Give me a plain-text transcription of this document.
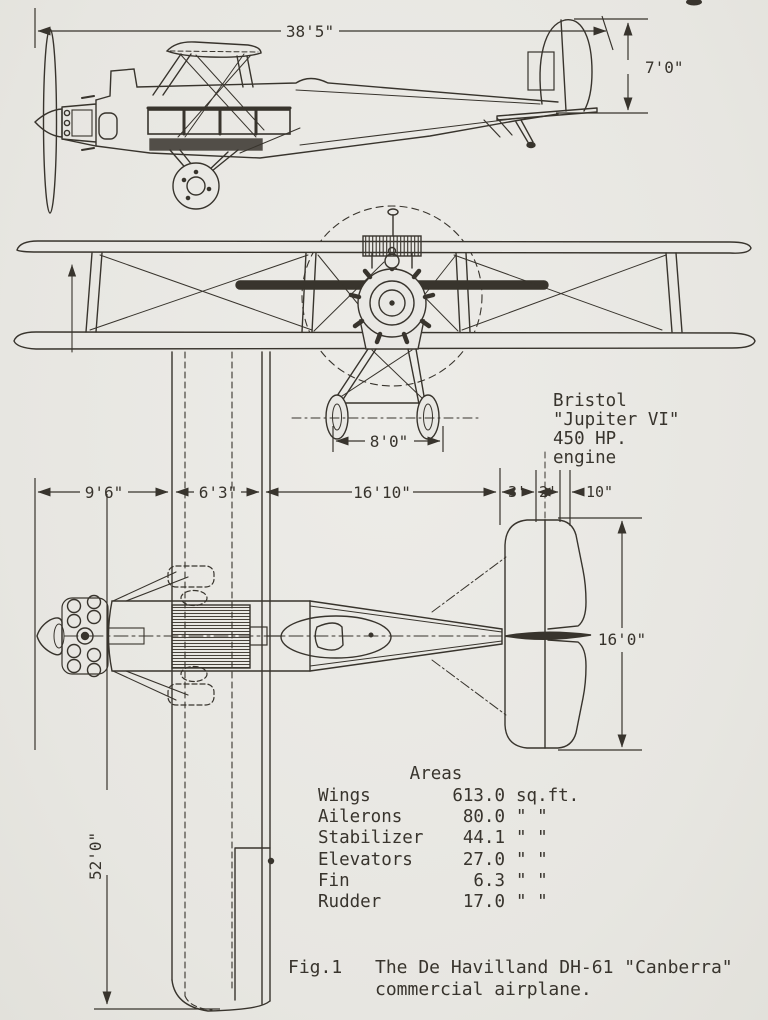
38'5"
7'0"
8'0"
Bristol
"Jupiter VI"
450 HP.
engine
9'6"	6'3"	16'10"	3' 2' 10"
16'0"
52'0"
Areas
Wings	613.0 sq.ft.
Ailerons	80.0 " "
Stabilizer 44.1 " "
Elevators	27.0 " "
Fin	6.3 " "
Rudder	17.0 " "
Fig.1 The De Havilland DH-61 "Canberra"
commercial airplane.
